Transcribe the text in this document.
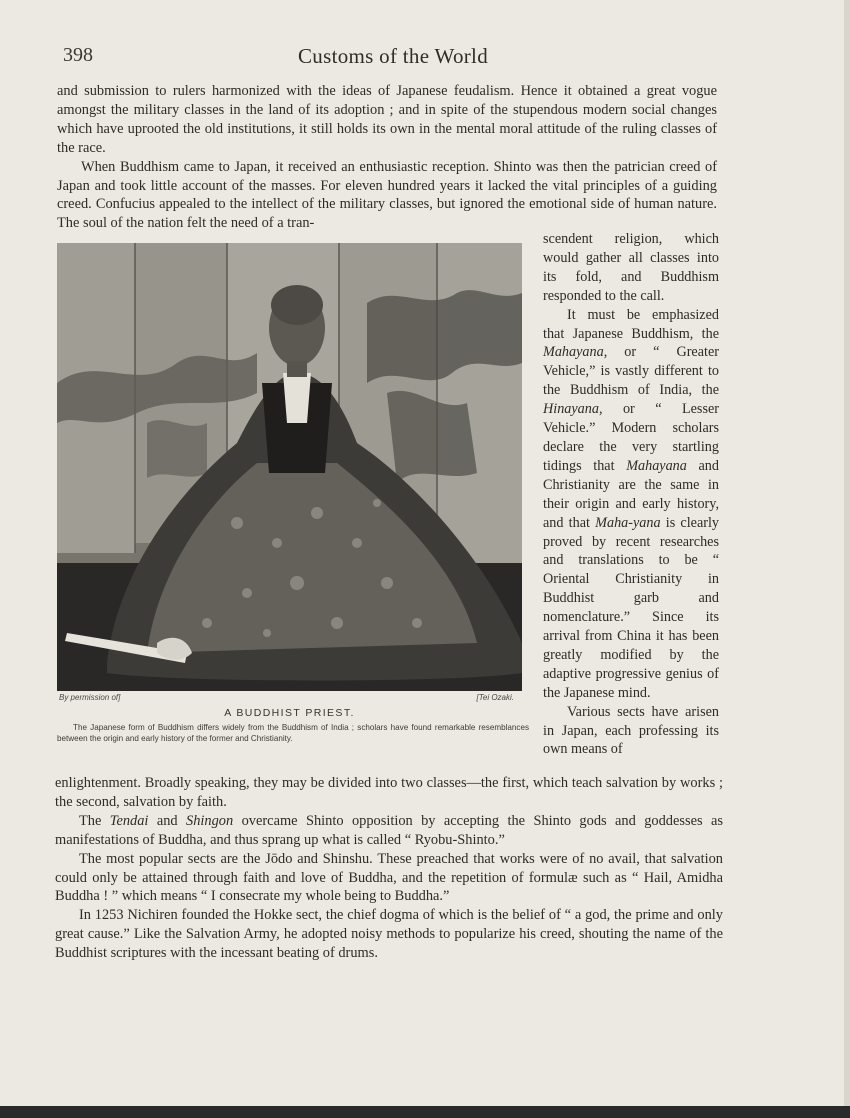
398	Customs of the World

and submission to rulers harmonized with the ideas of Japanese feudalism. Hence it obtained a great vogue amongst the military classes in the land of its adoption ; and in spite of the stupendous modern social changes which have uprooted the old institutions, it still holds its own in the mental moral attitude of the ruling classes of the race.

When Buddhism came to Japan, it received an enthusiastic reception. Shinto was then the patrician creed of Japan and took little account of the masses. For eleven hundred years it lacked the vital principles of a guiding creed. Confucius appealed to the intellect of the military classes, but ignored the emotional side of human nature. The soul of the nation felt the need of a tran-

By permission of]	[Tei Ozaki.
A BUDDHIST PRIEST.
The Japanese form of Buddhism differs widely from the Buddhism of India ; scholars have found remarkable resemblances between the origin and early history of the former and Christianity.

scendent religion, which would gather all classes into its fold, and Buddhism responded to the call.

It must be emphasized that Japanese Buddhism, the Mahayana, or “ Greater Vehicle,” is vastly different to the Buddhism of India, the Hinayana, or “ Lesser Vehicle.” Modern scholars declare the very startling tidings that Mahayana and Christianity are the same in their origin and early history, and that Maha-yana is clearly proved by recent researches and translations to be “ Oriental Christianity in Buddhist garb and nomenclature.” Since its arrival from China it has been greatly modified by the adaptive progressive genius of the Japanese mind.

Various sects have arisen in Japan, each professing its own means of

enlightenment. Broadly speaking, they may be divided into two classes—the first, which teach salvation by works ; the second, salvation by faith.

The Tendai and Shingon overcame Shinto opposition by accepting the Shinto gods and goddesses as manifestations of Buddha, and thus sprang up what is called “ Ryobu-Shinto.”

The most popular sects are the Jōdo and Shinshu. These preached that works were of no avail, that salvation could only be attained through faith and love of Buddha, and the repetition of formulæ such as “ Hail, Amidha Buddha ! ” which means “ I consecrate my whole being to Buddha.”

In 1253 Nichiren founded the Hokke sect, the chief dogma of which is the belief of “ a god, the prime and only great cause.” Like the Salvation Army, he adopted noisy methods to popularize his creed, shouting the name of the Buddhist scriptures with the incessant beating of drums.
